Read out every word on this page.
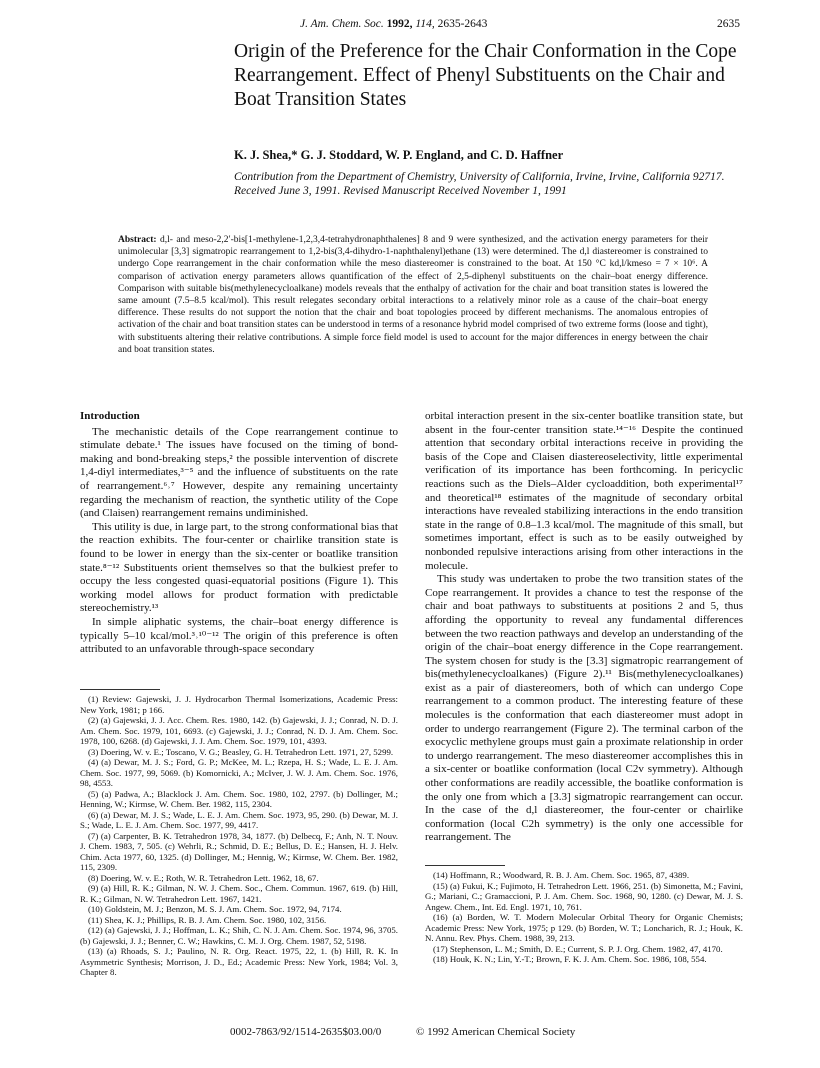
J. Am. Chem. Soc. 1992, 114, 2635-2643	2635
Origin of the Preference for the Chair Conformation in the Cope Rearrangement. Effect of Phenyl Substituents on the Chair and Boat Transition States
K. J. Shea,* G. J. Stoddard, W. P. England, and C. D. Haffner
Contribution from the Department of Chemistry, University of California, Irvine, Irvine, California 92717. Received June 3, 1991. Revised Manuscript Received November 1, 1991
Abstract: d,l- and meso-2,2′-bis[1-methylene-1,2,3,4-tetrahydronaphthalenes] 8 and 9 were synthesized, and the activation energy parameters for their unimolecular [3,3] sigmatropic rearrangement to 1,2-bis(3,4-dihydro-1-naphthalenyl)ethane (13) were determined. The d,l diastereomer is constrained to undergo Cope rearrangement in the chair conformation while the meso diastereomer is constrained to the boat. At 150 °C kd,l/kmeso = 7 × 10⁶. A comparison of activation energy parameters allows quantification of the effect of 2,5-diphenyl substituents on the chair–boat energy difference. Comparison with suitable bis(methylenecycloalkane) models reveals that the enthalpy of activation for the chair and boat transition states is lowered the same amount (7.5–8.5 kcal/mol). This result relegates secondary orbital interactions to a relatively minor role as a cause of the chair–boat energy difference. These results do not support the notion that the chair and boat topologies proceed by different mechanisms. The anomalous entropies of activation of the chair and boat transition states can be understood in terms of a resonance hybrid model comprised of two extreme forms (loose and tight), with substituents altering their relative contributions. A simple force field model is used to account for the major differences in energy between the chair and boat transition states.
Introduction

The mechanistic details of the Cope rearrangement continue to stimulate debate.¹ The issues have focused on the timing of bond-making and bond-breaking steps,² the possible intervention of discrete 1,4-diyl intermediates,³⁻⁵ and the influence of substituents on the rate of rearrangement.⁶˒⁷ However, despite any remaining uncertainty regarding the mechanism of reaction, the synthetic utility of the Cope (and Claisen) rearrangement remains undiminished.

This utility is due, in large part, to the strong conformational bias that the reaction exhibits. The four-center or chairlike transition state is found to be lower in energy than the six-center or boatlike transition state.⁸⁻¹² Substituents orient themselves so that the bulkiest prefer to occupy the less congested quasi-equatorial positions (Figure 1). This working model allows for product formation with predictable stereochemistry.¹³

In simple aliphatic systems, the chair–boat energy difference is typically 5–10 kcal/mol.³˒¹⁰⁻¹² The origin of this preference is often attributed to an unfavorable through-space secondary

orbital interaction present in the six-center boatlike transition state, but absent in the four-center transition state.¹⁴⁻¹⁶ Despite the continued attention that secondary orbital interactions receive in providing the basis of the Cope and Claisen diastereoselectivity, little experimental verification of its importance has been forthcoming. In pericyclic reactions such as the Diels–Alder cycloaddition, both experimental¹⁷ and theoretical¹⁸ estimates of the magnitude of secondary orbital interactions have revealed stabilizing interactions in the endo transition state in the range of 0.8–1.3 kcal/mol. The magnitude of this small, but sometimes important, effect is such as to be easily outweighed by nonbonded repulsive interactions arising from other interactions in the molecule.

This study was undertaken to probe the two transition states of the Cope rearrangement. It provides a chance to test the response of the chair and boat pathways to substituents at positions 2 and 5, thus affording the opportunity to reveal any fundamental differences between the two reaction pathways and develop an understanding of the origin of the chair–boat energy difference in the Cope rearrangement. The system chosen for study is the [3.3] sigmatropic rearrangement of bis(methylenecycloalkanes) (Figure 2).¹¹ Bis(methylenecycloalkanes) exist as a pair of diastereomers, both of which can undergo Cope rearrangement to a common product. The interesting feature of these molecules is the conformation that each diastereomer must adopt in order to undergo rearrangement (Figure 2). The terminal carbon of the exocyclic methylene groups must gain a proximate relationship in order to undergo rearrangement. The meso diastereomer accomplishes this in a six-center or boatlike conformation (local C2v symmetry). Although other conformations are readily accessible, the boatlike conformation is the only one from which a [3.3] sigmatropic rearrangement can occur. In the case of the d,l diastereomer, the four-center or chairlike conformation (local C2h symmetry) is the only one accessible for rearrangement. The

(1) Review: Gajewski, J. J. Hydrocarbon Thermal Isomerizations, Academic Press: New York, 1981; p 166.

(2) (a) Gajewski, J. J. Acc. Chem. Res. 1980, 142. (b) Gajewski, J. J.; Conrad, N. D. J. Am. Chem. Soc. 1979, 101, 6693. (c) Gajewski, J. J.; Conrad, N. D. J. Am. Chem. Soc. 1978, 100, 6268. (d) Gajewski, J. J. Am. Chem. Soc. 1979, 101, 4393.

(3) Doering, W. v. E.; Toscano, V. G.; Beasley, G. H. Tetrahedron Lett. 1971, 27, 5299.

(4) (a) Dewar, M. J. S.; Ford, G. P.; McKee, M. L.; Rzepa, H. S.; Wade, L. E. J. Am. Chem. Soc. 1977, 99, 5069. (b) Komornicki, A.; McIver, J. W. J. Am. Chem. Soc. 1976, 98, 4553.

(5) (a) Padwa, A.; Blacklock J. Am. Chem. Soc. 1980, 102, 2797. (b) Dollinger, M.; Henning, W.; Kirmse, W. Chem. Ber. 1982, 115, 2304.

(6) (a) Dewar, M. J. S.; Wade, L. E. J. Am. Chem. Soc. 1973, 95, 290. (b) Dewar, M. J. S.; Wade, L. E. J. Am. Chem. Soc. 1977, 99, 4417.

(7) (a) Carpenter, B. K. Tetrahedron 1978, 34, 1877. (b) Delbecq, F.; Anh, N. T. Nouv. J. Chem. 1983, 7, 505. (c) Wehrli, R.; Schmid, D. E.; Bellus, D. E.; Hansen, H. J. Helv. Chim. Acta 1977, 60, 1325. (d) Dollinger, M.; Hennig, W.; Kirmse, W. Chem. Ber. 1982, 115, 2309.

(8) Doering, W. v. E.; Roth, W. R. Tetrahedron Lett. 1962, 18, 67.

(9) (a) Hill, R. K.; Gilman, N. W. J. Chem. Soc., Chem. Commun. 1967, 619. (b) Hill, R. K.; Gilman, N. W. Tetrahedron Lett. 1967, 1421.

(10) Goldstein, M. J.; Benzon, M. S. J. Am. Chem. Soc. 1972, 94, 7174.

(11) Shea, K. J.; Phillips, R. B. J. Am. Chem. Soc. 1980, 102, 3156.

(12) (a) Gajewski, J. J.; Hoffman, L. K.; Shih, C. N. J. Am. Chem. Soc. 1974, 96, 3705. (b) Gajewski, J. J.; Benner, C. W.; Hawkins, C. M. J. Org. Chem. 1987, 52, 5198.

(13) (a) Rhoads, S. J.; Paulino, N. R. Org. React. 1975, 22, 1. (b) Hill, R. K. In Asymmetric Synthesis; Morrison, J. D., Ed.; Academic Press: New York, 1984; Vol. 3, Chapter 8.

(14) Hoffmann, R.; Woodward, R. B. J. Am. Chem. Soc. 1965, 87, 4389.

(15) (a) Fukui, K.; Fujimoto, H. Tetrahedron Lett. 1966, 251. (b) Simonetta, M.; Favini, G.; Mariani, C.; Gramaccioni, P. J. Am. Chem. Soc. 1968, 90, 1280. (c) Dewar, M. J. S. Angew. Chem., Int. Ed. Engl. 1971, 10, 761.

(16) (a) Borden, W. T. Modern Molecular Orbital Theory for Organic Chemists; Academic Press: New York, 1975; p 129. (b) Borden, W. T.; Loncharich, R. J.; Houk, K. N. Annu. Rev. Phys. Chem. 1988, 39, 213.

(17) Stephenson, L. M.; Smith, D. E.; Current, S. P. J. Org. Chem. 1982, 47, 4170.

(18) Houk, K. N.; Lin, Y.-T.; Brown, F. K. J. Am. Chem. Soc. 1986, 108, 554.

0002-7863/92/1514-2635$03.00/0	© 1992 American Chemical Society
